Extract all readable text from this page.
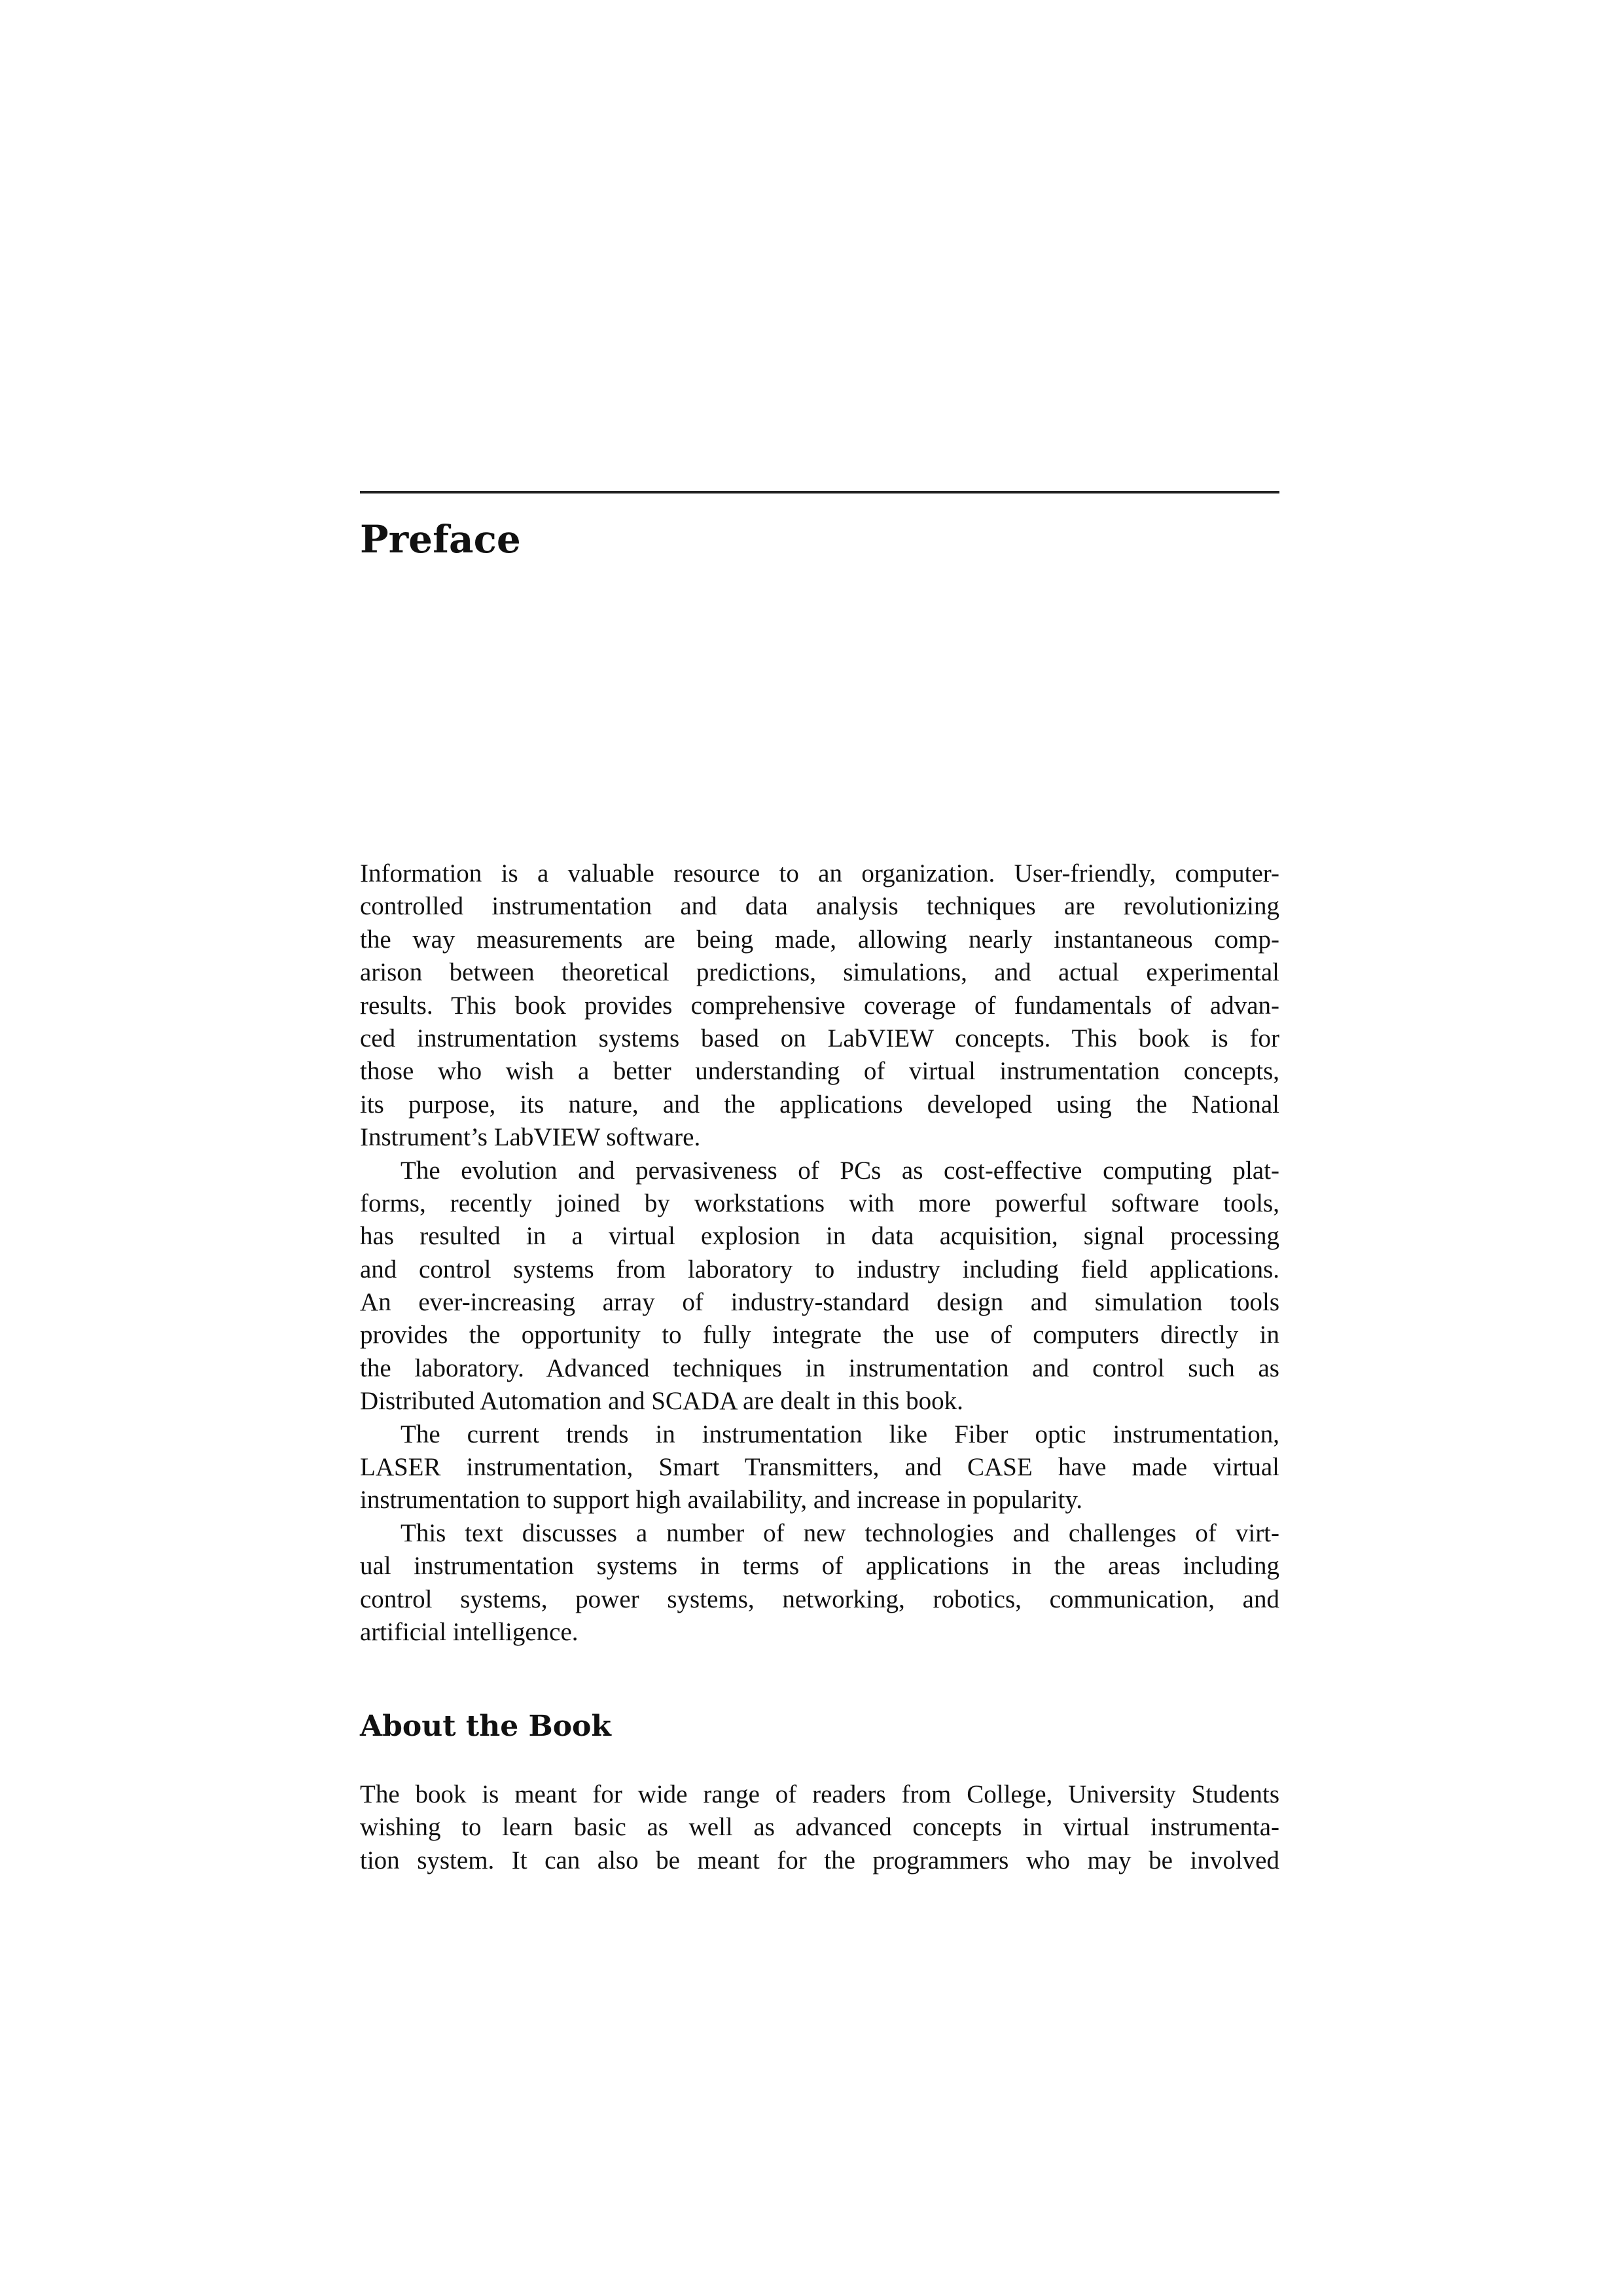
Preface
Information is a valuable resource to an organization. User-friendly, computer-
controlled instrumentation and data analysis techniques are revolutionizing
the way measurements are being made, allowing nearly instantaneous comp-
arison between theoretical predictions, simulations, and actual experimental
results. This book provides comprehensive coverage of fundamentals of advan-
ced instrumentation systems based on LabVIEW concepts. This book is for
those who wish a better understanding of virtual instrumentation concepts,
its purpose, its nature, and the applications developed using the National
Instrument’s LabVIEW software.
The evolution and pervasiveness of PCs as cost-effective computing plat-
forms, recently joined by workstations with more powerful software tools,
has resulted in a virtual explosion in data acquisition, signal processing
and control systems from laboratory to industry including field applications.
An ever-increasing array of industry-standard design and simulation tools
provides the opportunity to fully integrate the use of computers directly in
the laboratory. Advanced techniques in instrumentation and control such as
Distributed Automation and SCADA are dealt in this book.
The current trends in instrumentation like Fiber optic instrumentation,
LASER instrumentation, Smart Transmitters, and CASE have made virtual
instrumentation to support high availability, and increase in popularity.
This text discusses a number of new technologies and challenges of virt-
ual instrumentation systems in terms of applications in the areas including
control systems, power systems, networking, robotics, communication, and
artificial intelligence.
About the Book
The book is meant for wide range of readers from College, University Students
wishing to learn basic as well as advanced concepts in virtual instrumenta-
tion system. It can also be meant for the programmers who may be involved
